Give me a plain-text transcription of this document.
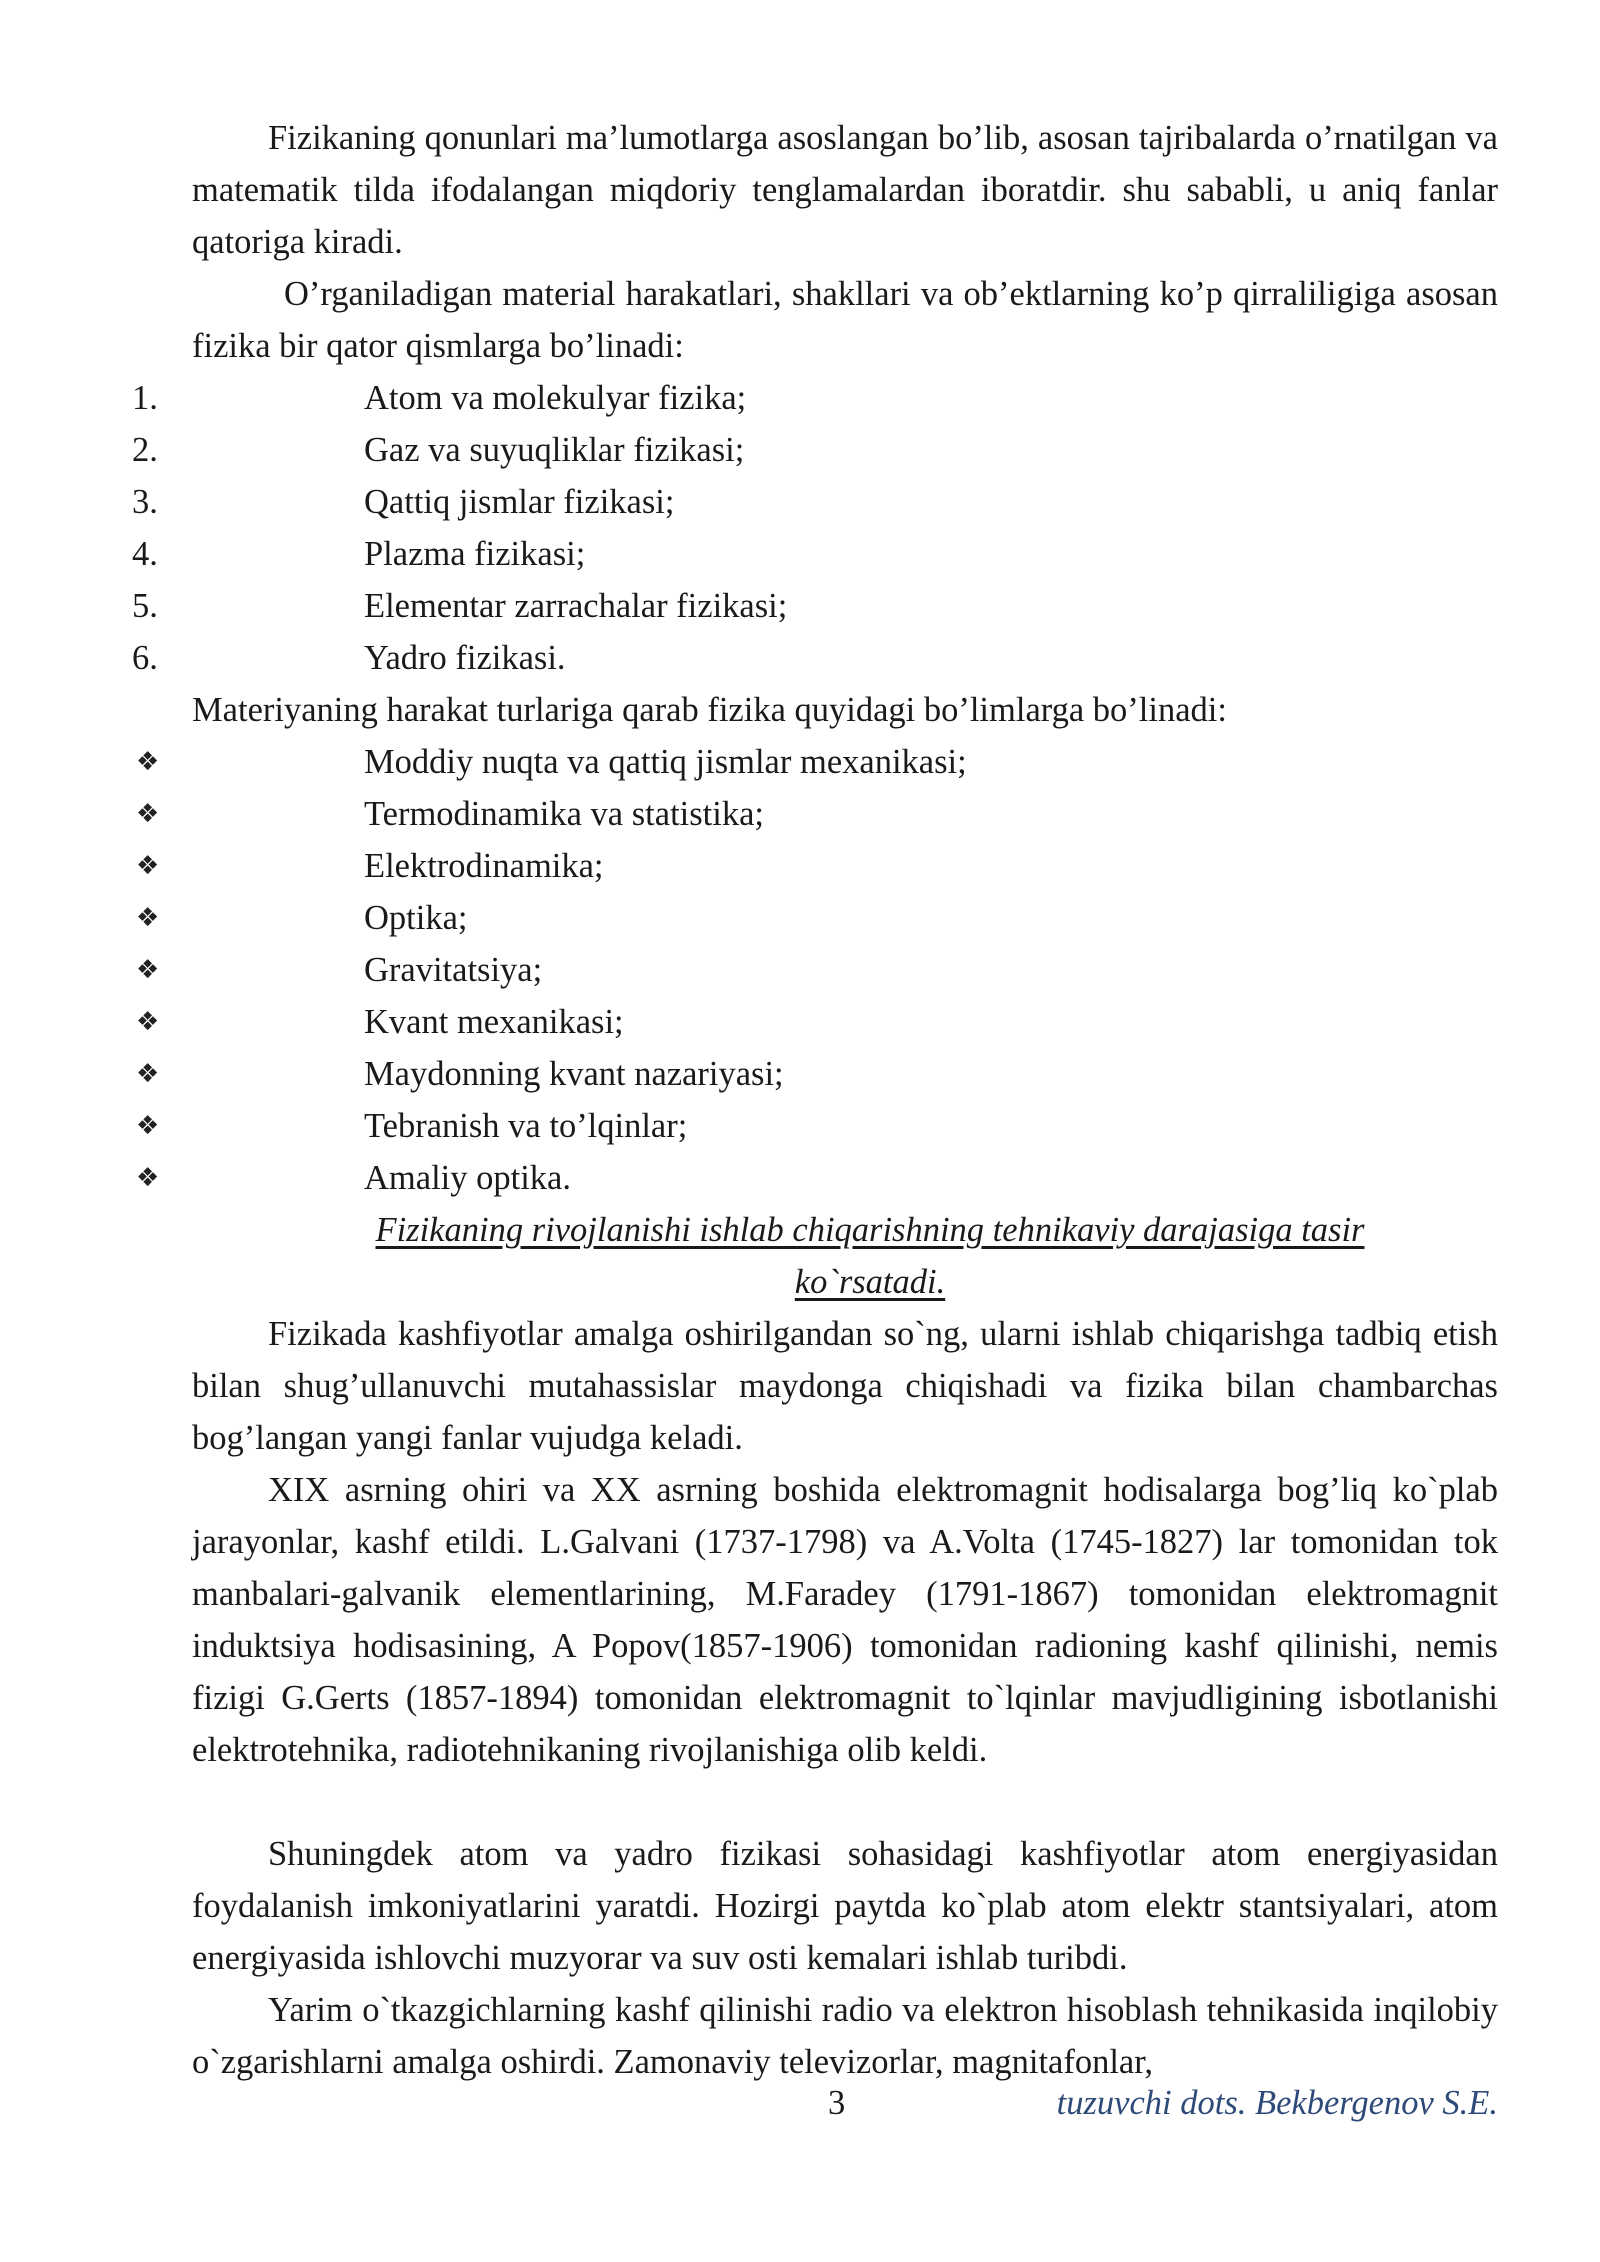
Fizikaning qonunlari ma’lumotlarga asoslangan bo’lib, asosan tajribalarda o’rnatilgan va matematik tilda ifodalangan miqdoriy tenglamalardan iboratdir. shu sababli, u aniq fanlar qatoriga kiradi.

O’rganiladigan material harakatlari, shakllari va ob’ektlarning ko’p qirraliligiga asosan fizika bir qator qismlarga bo’linadi:

1.	Atom va molekulyar fizika;
2.	Gaz va suyuqliklar fizikasi;
3.	Qattiq jismlar fizikasi;
4.	Plazma fizikasi;
5.	Elementar zarrachalar fizikasi;
6.	Yadro fizikasi.

Materiyaning harakat turlariga qarab fizika quyidagi bo’limlarga bo’linadi:

❖	Moddiy nuqta va qattiq jismlar mexanikasi;
❖	Termodinamika va statistika;
❖	Elektrodinamika;
❖	Optika;
❖	Gravitatsiya;
❖	Kvant mexanikasi;
❖	Maydonning kvant nazariyasi;
❖	Tebranish va to’lqinlar;
❖	Amaliy optika.

Fizikaning rivojlanishi ishlab chiqarishning tehnikaviy darajasiga tasir ko`rsatadi.

Fizikada kashfiyotlar amalga oshirilgandan so`ng, ularni ishlab chiqarishga tadbiq etish bilan shug’ullanuvchi mutahassislar maydonga chiqishadi va fizika bilan chambarchas bog’langan yangi fanlar vujudga keladi.

XIX asrning ohiri va XX asrning boshida elektromagnit hodisalarga bog’liq ko`plab jarayonlar, kashf etildi. L.Galvani (1737-1798) va A.Volta (1745-1827) lar tomonidan tok manbalari-galvanik elementlarining, M.Faradey (1791-1867) tomonidan elektromagnit induktsiya hodisasining, A Popov(1857-1906) tomonidan radioning kashf qilinishi, nemis fizigi G.Gerts (1857-1894) tomonidan elektromagnit to`lqinlar mavjudligining isbotlanishi elektrotehnika, radiotehnikaning rivojlanishiga olib keldi.

Shuningdek atom va yadro fizikasi sohasidagi kashfiyotlar atom energiyasidan foydalanish imkoniyatlarini yaratdi. Hozirgi paytda ko`plab atom elektr stantsiyalari, atom energiyasida ishlovchi muzyorar va suv osti kemalari ishlab turibdi.

Yarim o`tkazgichlarning kashf qilinishi radio va elektron hisoblash tehnikasida inqilobiy o`zgarishlarni amalga oshirdi. Zamonaviy televizorlar, magnitafonlar,

3	tuzuvchi dots. Bekbergenov S.E.
